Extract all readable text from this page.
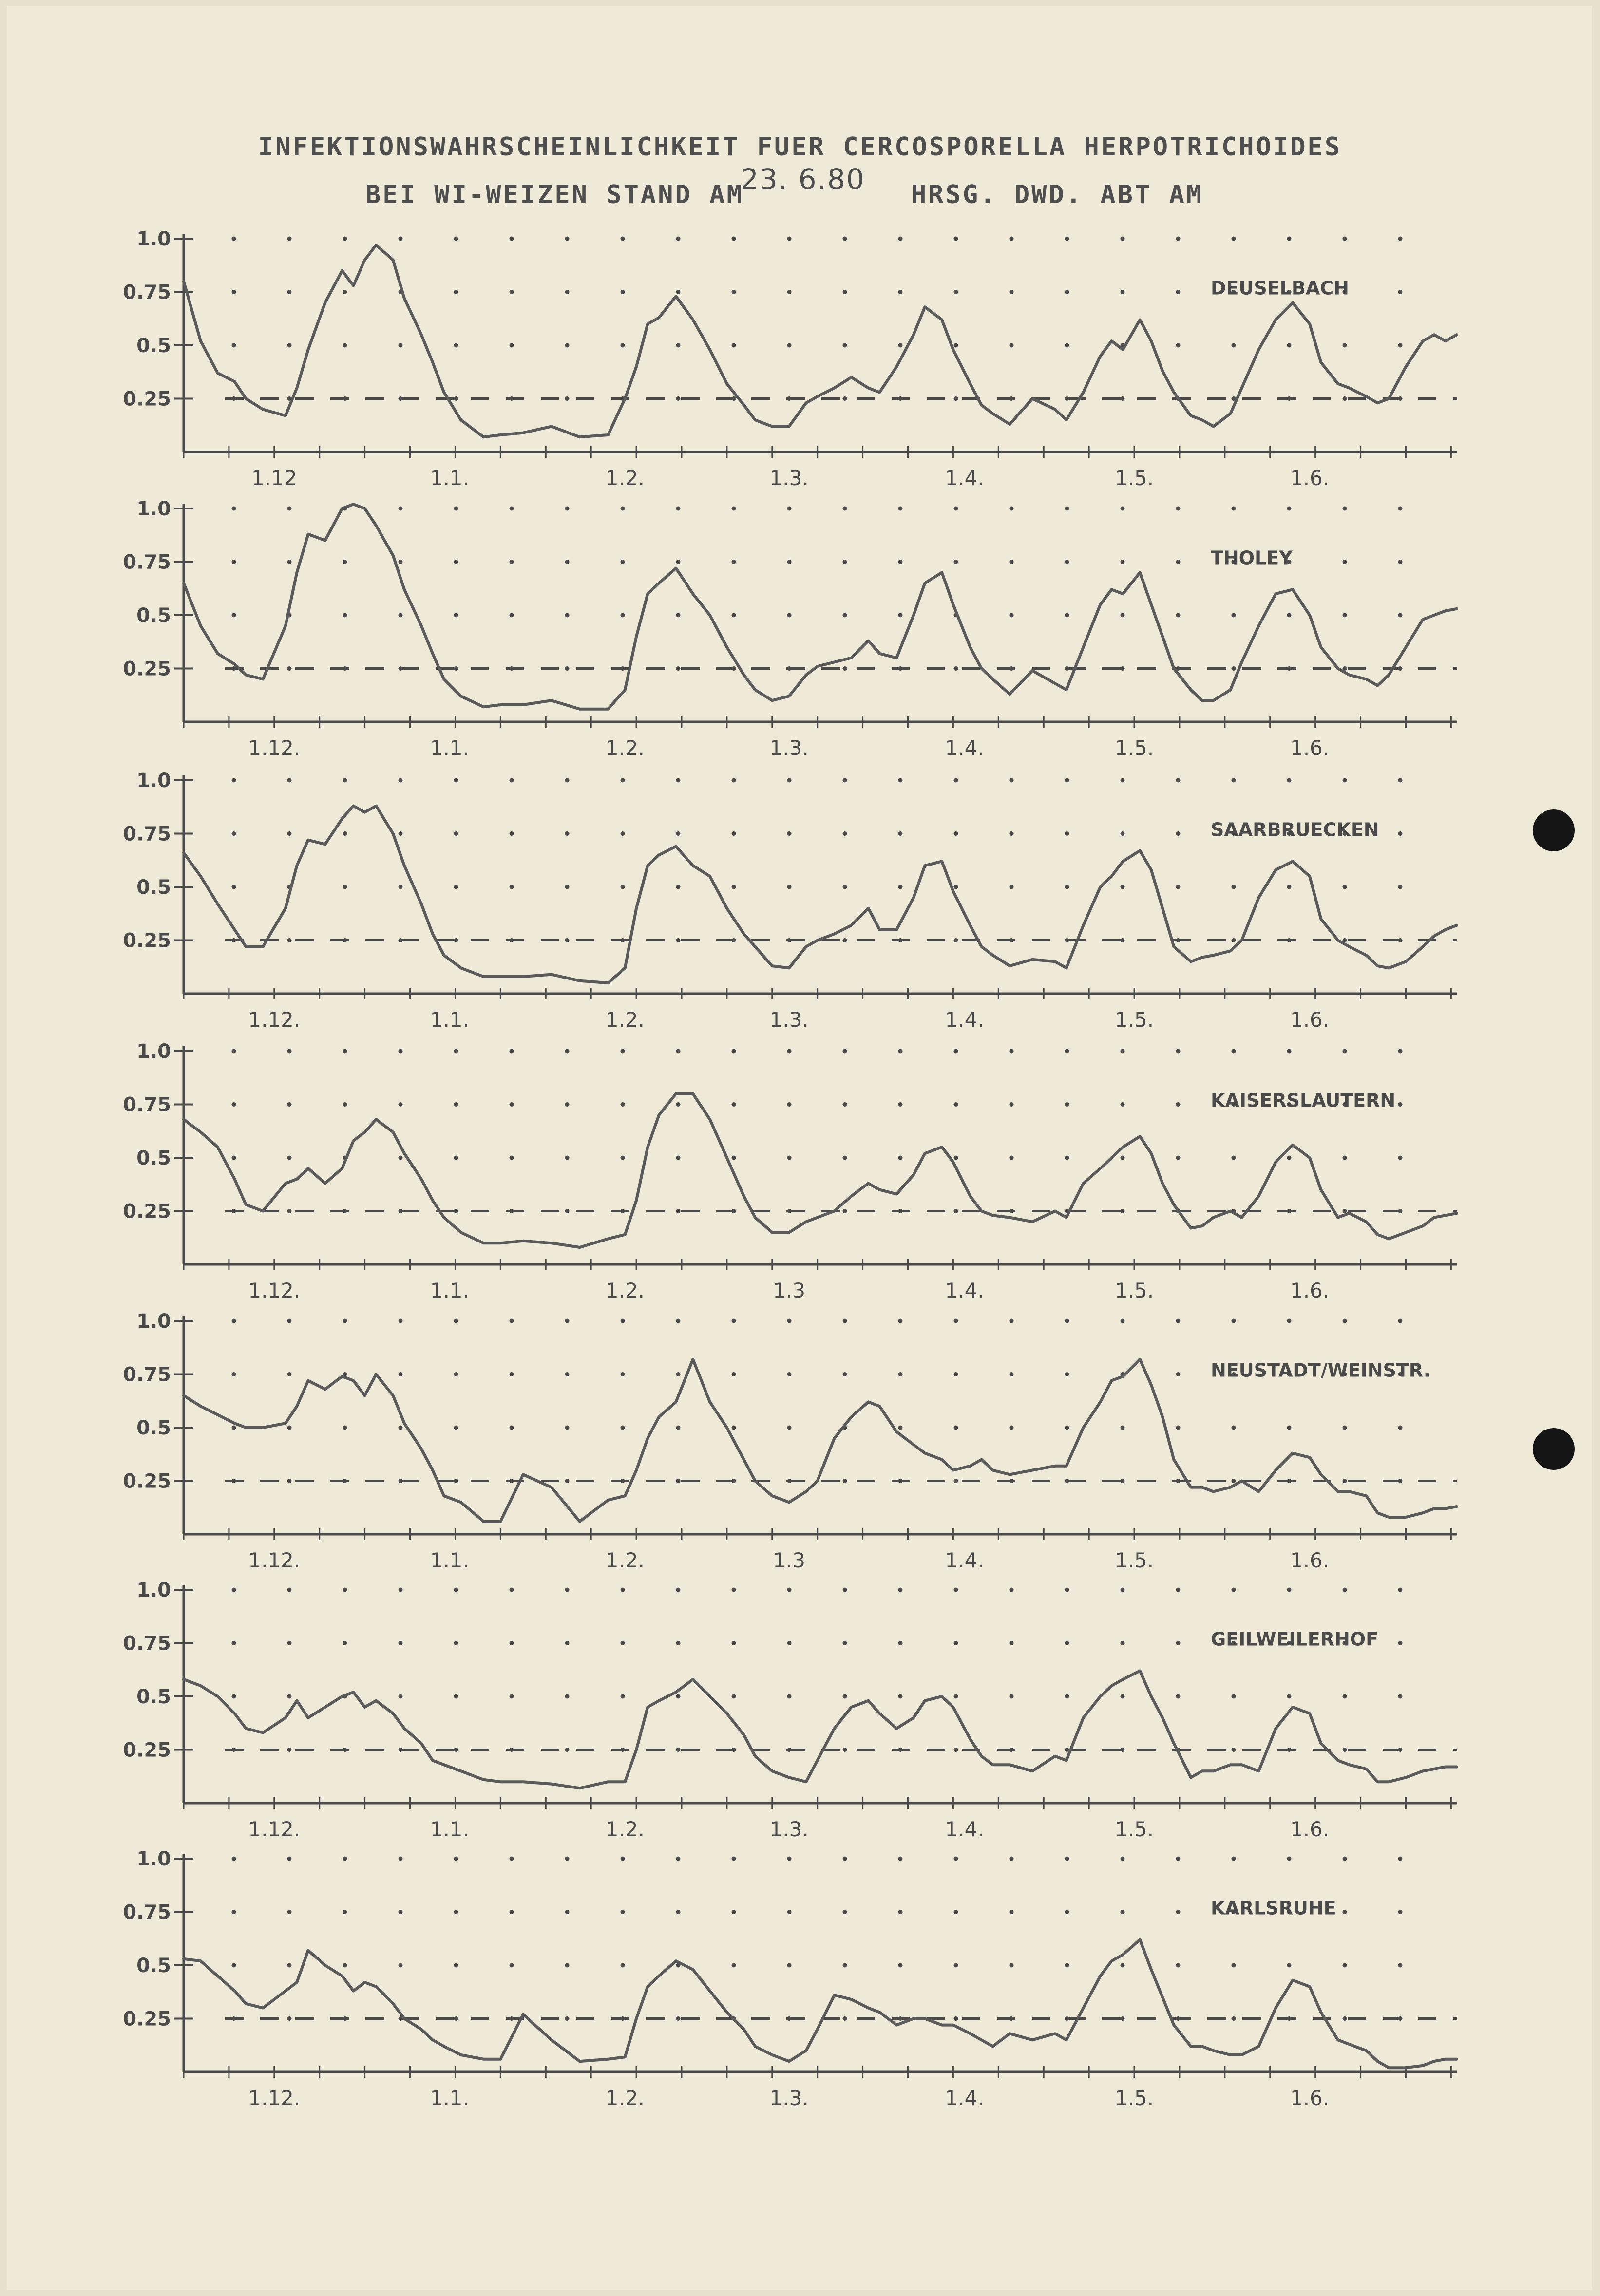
INFEKTIONSWAHRSCHEINLICHKEIT FUER CERCOSPORELLA HERPOTRICHOIDES
BEI WI-WEIZEN STAND AM
23. 6.80 HRSG. DWD. ABT AM
1.0
0.75
0.5
0.25
1.12	1.1.	1.2.	1.3.	1.4.	1.5.	1.6.
DEUSELBACH
1.0
0.75
0.5
0.25
1.12.	1.1.	1.2.	1.3.	1.4.	1.5.	1.6.
THOLEY
1.0
0.75
0.5
0.25
1.12.	1.1.	1.2.	1.3.	1.4.	1.5.	1.6.
SAARBRUECKEN
1.0
0.75
0.5
0.25
1.12.	1.1.	1.2.	1.3	1.4.	1.5.	1.6.
KAISERSLAUTERN
1.0
0.75
0.5
0.25
1.12.	1.1.	1.2.	1.3	1.4.	1.5.	1.6.
NEUSTADT/WEINSTR.
1.0
0.75
0.5
0.25
1.12.	1.1.	1.2.	1.3.	1.4.	1.5.	1.6.
GEILWEILERHOF
1.0
0.75
0.5
0.25
1.12.	1.1.	1.2.	1.3.	1.4.	1.5.	1.6.
KARLSRUHE
